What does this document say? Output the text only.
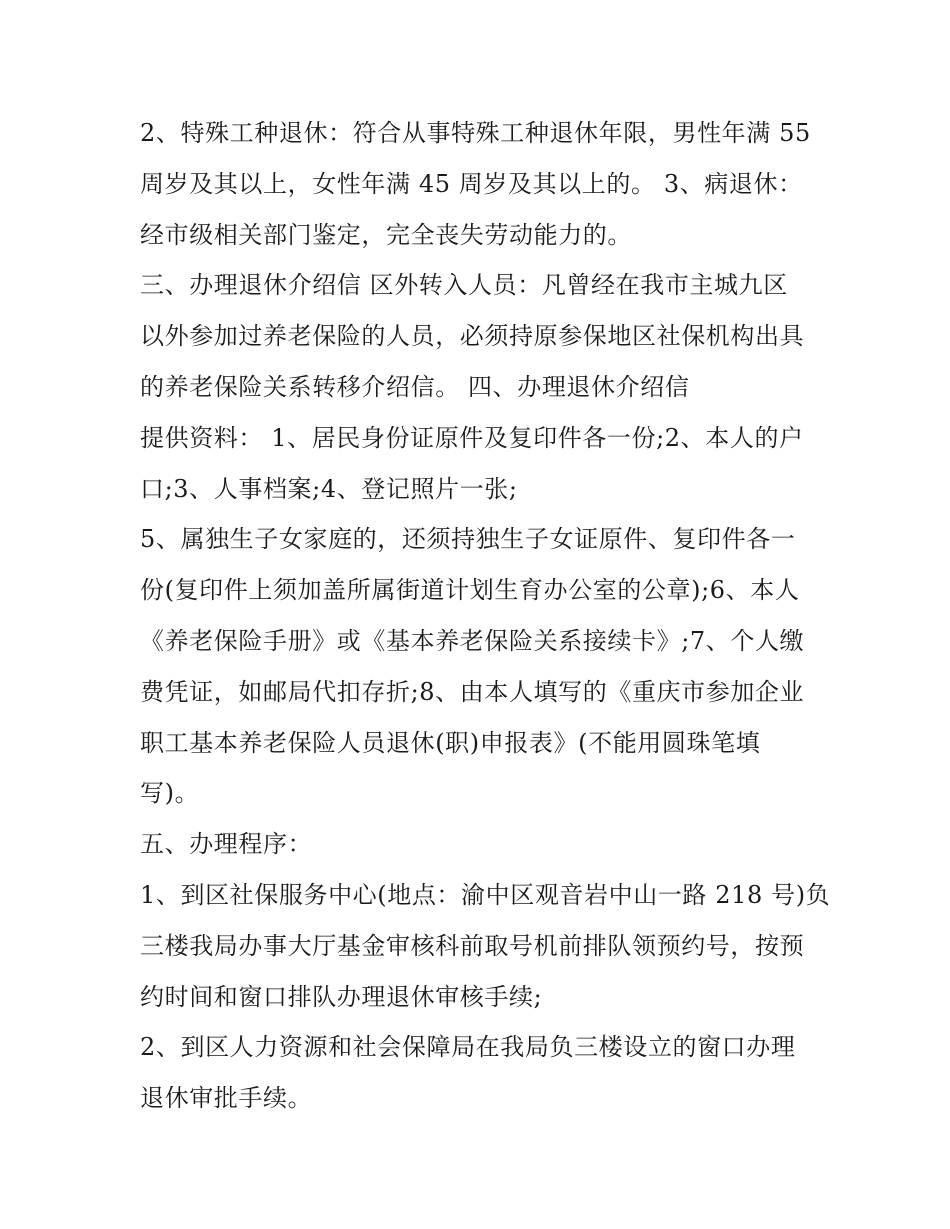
2、特殊工种退休：符合从事特殊工种退休年限，男性年满 55
周岁及其以上，女性年满 45 周岁及其以上的。 3、病退休：
经市级相关部门鉴定，完全丧失劳动能力的。
三、办理退休介绍信 区外转入人员：凡曾经在我市主城九区
以外参加过养老保险的人员，必须持原参保地区社保机构出具
的养老保险关系转移介绍信。 四、办理退休介绍信
提供资料： 1、居民身份证原件及复印件各一份;2、本人的户
口;3、人事档案;4、登记照片一张;
5、属独生子女家庭的，还须持独生子女证原件、复印件各一
份(复印件上须加盖所属街道计划生育办公室的公章);6、本人
《养老保险手册》或《基本养老保险关系接续卡》;7、个人缴
费凭证，如邮局代扣存折;8、由本人填写的《重庆市参加企业
职工基本养老保险人员退休(职)申报表》(不能用圆珠笔填
写)。
五、办理程序：
1、到区社保服务中心(地点：渝中区观音岩中山一路 218 号)负
三楼我局办事大厅基金审核科前取号机前排队领预约号，按预
约时间和窗口排队办理退休审核手续;
2、到区人力资源和社会保障局在我局负三楼设立的窗口办理
退休审批手续。
